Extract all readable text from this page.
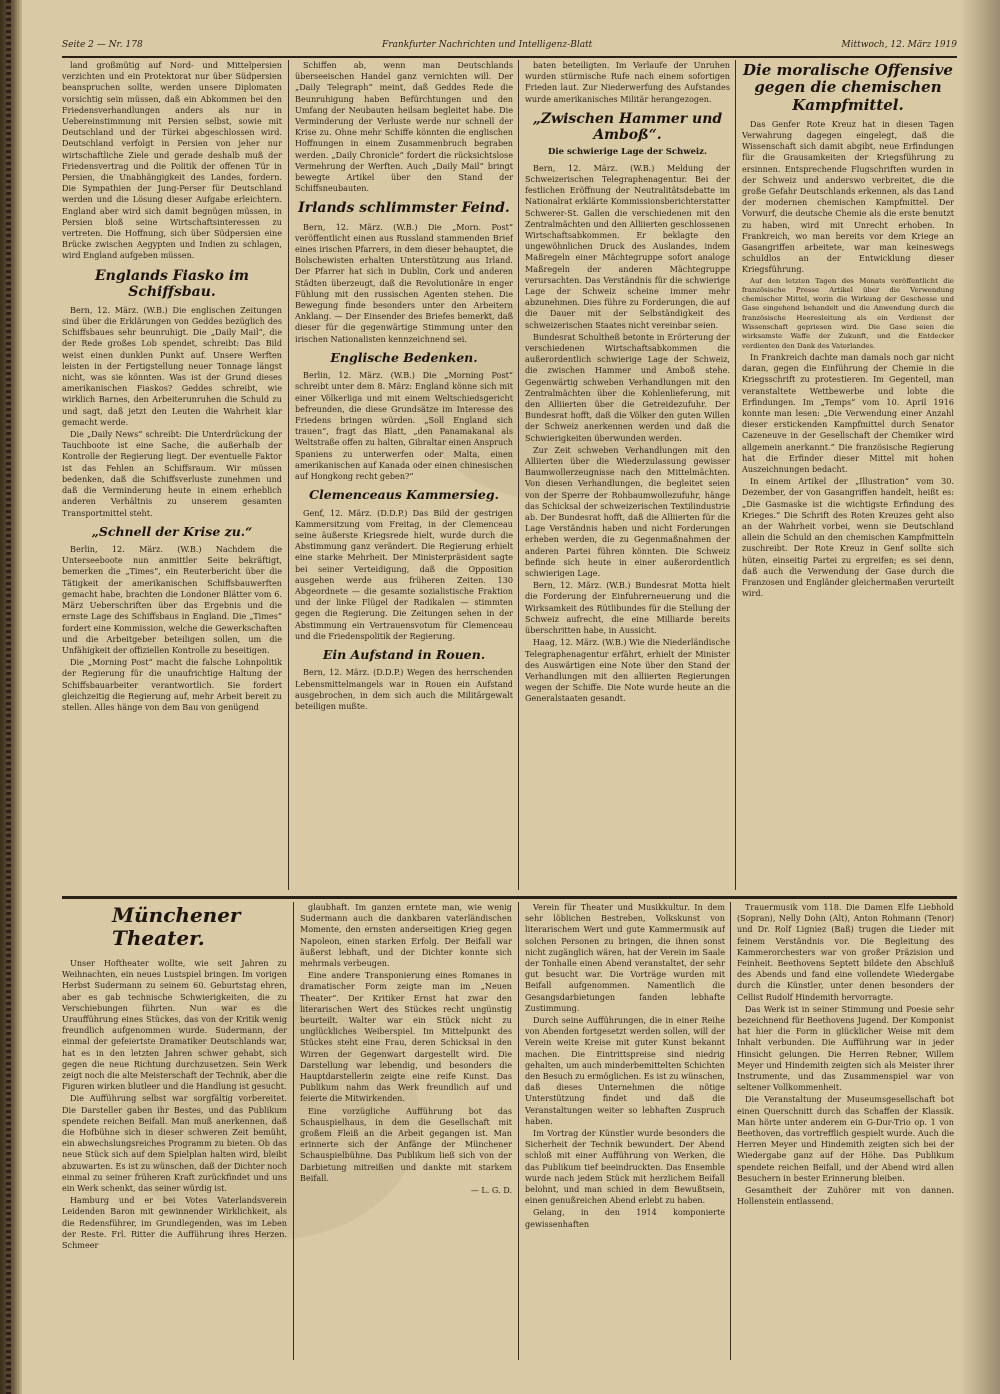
Seite 2 — Nr. 178	Frankfurter Nachrichten und Intelligenz-Blatt	Mittwoch, 12. März 1919

land großmütig auf Nord- und Mittelpersien verzichten und ein Protektorat nur über Südpersien beanspruchen sollte, werden unsere Diplomaten vorsichtig sein müssen, daß ein Abkommen bei den Friedensverhandlungen anders als nur in Uebereinstimmung mit Persien selbst, sowie mit Deutschland und der Türkei abgeschlossen wird. Deutschland verfolgt in Persien von jeher nur wirtschaftliche Ziele und gerade deshalb muß der Friedensvertrag und die Politik der offenen Tür in Persien, die Unabhängigkeit des Landes, fordern. Die Sympathien der Jung-Perser für Deutschland werden und die Lösung dieser Aufgabe erleichtern. England aber wird sich damit begnügen müssen, in Persien bloß seine Wirtschaftsinteressen zu vertreten. Die Hoffnung, sich über Südpersien eine Brücke zwischen Aegypten und Indien zu schlagen, wird England aufgeben müssen.

Englands Fiasko im Schiffsbau.

Bern, 12. März. (W.B.) Die englischen Zeitungen sind über die Erklärungen von Geddes bezüglich des Schiffsbaues sehr beunruhigt. Die „Daily Mail“, die der Rede großes Lob spendet, schreibt: Das Bild weist einen dunklen Punkt auf. Unsere Werften leisten in der Fertigstellung neuer Tonnage längst nicht, was sie könnten. Was ist der Grund dieses amerikanischen Fiaskos? Geddes schreibt, wie wirklich Barnes, den Arbeiterunruhen die Schuld zu und sagt, daß jetzt den Leuten die Wahrheit klar gemacht werde.

Die „Daily News“ schreibt: Die Unterdrückung der Tauchboote ist eine Sache, die außerhalb der Kontrolle der Regierung liegt. Der eventuelle Faktor ist das Fehlen an Schiffsraum. Wir müssen bedenken, daß die Schiffsverluste zunehmen und daß die Verminderung heute in einem erheblich anderen Verhältnis zu unserem gesamten Transportmittel steht.

„Schnell der Krise zu.“

Berlin, 12. März. (W.B.) Nachdem die Unterseeboote nun anmittler Seite bekräftigt, bemerken die „Times“, ein Reuterbericht über die Tätigkeit der amerikanischen Schiffsbauwerften gemacht habe, brachten die Londoner Blätter vom 6. März Ueberschriften über das Ergebnis und die ernste Lage des Schiffsbaus in England. Die „Times“ fordert eine Kommission, welche die Gewerkschaften und die Arbeitgeber beteiligen sollen, um die Unfähigkeit der offiziellen Kontrolle zu beseitigen.

Die „Morning Post“ macht die falsche Lohnpolitik der Regierung für die unaufrichtige Haltung der Schiffsbauarbeiter verantwortlich. Sie fordert gleichzeitig die Regierung auf, mehr Arbeit bereit zu stellen. Alles hänge von dem Bau von genügend

Schiffen ab, wenn man Deutschlands überseeischen Handel ganz vernichten will. Der „Daily Telegraph“ meint, daß Geddes Rede die Beunruhigung haben Befürchtungen und den Umfang der Neubauten heilsam begleitet habe. Die Verminderung der Verluste werde nur schnell der Krise zu. Ohne mehr Schiffe könnten die englischen Hoffnungen in einem Zusammenbruch begraben werden. „Daily Chronicle“ fordert die rücksichtslose Vermehrung der Werften. Auch „Daily Mail“ bringt bewegte Artikel über den Stand der Schiffsneubauten.

Irlands schlimmster Feind.

Bern, 12. März. (W.B.) Die „Morn. Post“ veröffentlicht einen aus Russland stammenden Brief eines irischen Pfarrers, in dem dieser behauptet, die Bolschewisten erhalten Unterstützung aus Irland. Der Pfarrer hat sich in Dublin, Cork und anderen Städten überzeugt, daß die Revolutionäre in enger Fühlung mit den russischen Agenten stehen. Die Bewegung finde besonders unter den Arbeitern Anklang. — Der Einsender des Briefes bemerkt, daß dieser für die gegenwärtige Stimmung unter den irischen Nationalisten kennzeichnend sei.

Englische Bedenken.

Berlin, 12. März. (W.B.) Die „Morning Post“ schreibt unter dem 8. März: England könne sich mit einer Völkerliga und mit einem Weltschiedsgericht befreunden, die diese Grundsätze im Interesse des Friedens bringen würden. „Soll England sich trauen“, fragt das Blatt, „den Panamakanal als Weltstraße offen zu halten, Gibraltar einen Anspruch Spaniens zu unterwerfen oder Malta, einen amerikanischen auf Kanada oder einen chinesischen auf Hongkong recht geben?“

Clemenceaus Kammersieg.

Genf, 12. März. (D.D.P.) Das Bild der gestrigen Kammersitzung vom Freitag, in der Clemenceau seine äußerste Kriegsrede hielt, wurde durch die Abstimmung ganz verändert. Die Regierung erhielt eine starke Mehrheit. Der Ministerpräsident sagte bei seiner Verteidigung, daß die Opposition ausgehen werde aus früheren Zeiten. 130 Abgeordnete — die gesamte sozialistische Fraktion und der linke Flügel der Radikalen — stimmten gegen die Regierung. Die Zeitungen sehen in der Abstimmung ein Vertrauensvotum für Clemenceau und die Friedenspolitik der Regierung.

Ein Aufstand in Rouen.

Bern, 12. März. (D.D.P.) Wegen des herrschenden Lebensmittelmangels war in Rouen ein Aufstand ausgebrochen, in dem sich auch die Militärgewalt beteiligen mußte.

baten beteiligten. Im Verlaufe der Unruhen wurden stürmische Rufe nach einem sofortigen Frieden laut. Zur Niederwerfung des Aufstandes wurde amerikanisches Militär herangezogen.

„Zwischen Hammer und Amboß“.
Die schwierige Lage der Schweiz.

Bern, 12. März. (W.B.) Meldung der Schweizerischen Telegraphenagentur. Bei der festlichen Eröffnung der Neutralitätsdebatte im Nationalrat erklärte Kommissionsberichterstatter Schwerer-St. Gallen die verschiedenen mit den Zentralmächten und den Alliierten geschlossenen Wirtschaftsabkommen. Er beklagte den ungewöhnlichen Druck des Auslandes, indem Maßregeln einer Mächtegruppe sofort analoge Maßregeln der anderen Mächtegruppe verursachten. Das Verständnis für die schwierige Lage der Schweiz scheine immer mehr abzunehmen. Dies führe zu Forderungen, die auf die Dauer mit der Selbständigkeit des schweizerischen Staates nicht vereinbar seien.

Bundesrat Schultheß betonte in Erörterung der verschiedenen Wirtschaftsabkommen die außerordentlich schwierige Lage der Schweiz, die zwischen Hammer und Amboß stehe. Gegenwärtig schweben Verhandlungen mit den Zentralmächten über die Kohlenlieferung, mit den Alliierten über die Getreidezufuhr. Der Bundesrat hofft, daß die Völker den guten Willen der Schweiz anerkennen werden und daß die Schwierigkeiten überwunden werden.

Zur Zeit schweben Verhandlungen mit den Alliierten über die Wiederzulassung gewisser Baumwollerzeugnisse nach den Mittelmächten. Von diesen Verhandlungen, die begleitet seien von der Sperre der Rohbaumwollezufuhr, hänge das Schicksal der schweizerischen Textilindustrie ab. Der Bundesrat hofft, daß die Alliierten für die Lage Verständnis haben und nicht Forderungen erheben werden, die zu Gegenmaßnahmen der anderen Partei führen könnten. Die Schweiz befinde sich heute in einer außerordentlich schwierigen Lage.

Bern, 12. März. (W.B.) Bundesrat Motta hielt die Forderung der Einfuhrerneuerung und die Wirksamkeit des Rütlibundes für die Stellung der Schweiz aufrecht, die eine Milliarde bereits überschritten habe, in Aussicht.

Haag, 12. März. (W.B.) Wie die Niederländische Telegraphenagentur erfährt, erhielt der Minister des Auswärtigen eine Note über den Stand der Verhandlungen mit den alliierten Regierungen wegen der Schiffe. Die Note wurde heute an die Generalstaaten gesandt.

Die moralische Offensive gegen die chemischen Kampfmittel.

Das Genfer Rote Kreuz hat in diesen Tagen Verwahrung dagegen eingelegt, daß die Wissenschaft sich damit abgibt, neue Erfindungen für die Grausamkeiten der Kriegsführung zu ersinnen. Entsprechende Flugschriften wurden in der Schweiz und anderswo verbreitet, die die große Gefahr Deutschlands erkennen, als das Land der modernen chemischen Kampfmittel. Der Vorwurf, die deutsche Chemie als die erste benutzt zu haben, wird mit Unrecht erhoben. In Frankreich, wo man bereits vor dem Kriege an Gasangriffen arbeitete, war man keineswegs schuldlos an der Entwicklung dieser Kriegsführung.

Auf den letzten Tagen des Monats veröffentlicht die französische Presse Artikel über die Verwendung chemischer Mittel, worin die Wirkung der Geschosse und Gase eingehend behandelt und die Anwendung durch die französische Heeresleitung als ein Verdienst der Wissenschaft gepriesen wird. Die Gase seien die wirksamste Waffe der Zukunft, und die Entdecker verdienten den Dank des Vaterlandes.

In Frankreich dachte man damals noch gar nicht daran, gegen die Einführung der Chemie in die Kriegsschrift zu protestieren. Im Gegenteil, man veranstaltete Wettbewerbe und lobte die Erfindungen. Im „Temps“ vom 10. April 1916 konnte man lesen: „Die Verwendung einer Anzahl dieser erstickenden Kampfmittel durch Senator Cazeneuve in der Gesellschaft der Chemiker wird allgemein anerkannt.“ Die französische Regierung hat die Erfinder dieser Mittel mit hohen Auszeichnungen bedacht.

In einem Artikel der „Illustration“ vom 30. Dezember, der von Gasangriffen handelt, heißt es: „Die Gasmaske ist die wichtigste Erfindung des Krieges.“ Die Schrift des Roten Kreuzes geht also an der Wahrheit vorbei, wenn sie Deutschland allein die Schuld an den chemischen Kampfmitteln zuschreibt. Der Rote Kreuz in Genf sollte sich hüten, einseitig Partei zu ergreifen; es sei denn, daß auch die Verwendung der Gase durch die Franzosen und Engländer gleichermaßen verurteilt wird.

Münchener Theater.

Unser Hoftheater wollte, wie seit Jahren zu Weihnachten, ein neues Lustspiel bringen. Im vorigen Herbst Sudermann zu seinem 60. Geburtstag ehren, aber es gab technische Schwierigkeiten, die zu Verschiebungen führten. Nun war es die Uraufführung eines Stückes, das von der Kritik wenig freundlich aufgenommen wurde. Sudermann, der einmal der gefeiertste Dramatiker Deutschlands war, hat es in den letzten Jahren schwer gehabt, sich gegen die neue Richtung durchzusetzen. Sein Werk zeigt noch die alte Meisterschaft der Technik, aber die Figuren wirken blutleer und die Handlung ist gesucht.

Die Aufführung selbst war sorgfältig vorbereitet. Die Darsteller gaben ihr Bestes, und das Publikum spendete reichen Beifall. Man muß anerkennen, daß die Hofbühne sich in dieser schweren Zeit bemüht, ein abwechslungsreiches Programm zu bieten. Ob das neue Stück sich auf dem Spielplan halten wird, bleibt abzuwarten. Es ist zu wünschen, daß der Dichter noch einmal zu seiner früheren Kraft zurückfindet und uns ein Werk schenkt, das seiner würdig ist.

Hamburg und er bei Votes Vaterlandsverein Leidenden Baron mit gewinnender Wirklichkeit, als die Redensführer, im Grundlegenden, was im Leben der Reste. Frl. Ritter die Aufführung ihres Herzen. Schmeer

glaubhaft. Im ganzen erntete man, wie wenig Sudermann auch die dankbaren vaterländischen Momente, den ernsten anderseitigen Krieg gegen Napoleon, einen starken Erfolg. Der Beifall war äußerst lebhaft, und der Dichter konnte sich mehrmals verbeugen.

Eine andere Transponierung eines Romanes in dramatischer Form zeigte man im „Neuen Theater“. Der Kritiker Ernst hat zwar den literarischen Wert des Stückes recht ungünstig beurteilt. Walter war ein Stück nicht zu unglückliches Weiberspiel. Im Mittelpunkt des Stückes steht eine Frau, deren Schicksal in den Wirren der Gegenwart dargestellt wird. Die Darstellung war lebendig, und besonders die Hauptdarstellerin zeigte eine reife Kunst. Das Publikum nahm das Werk freundlich auf und feierte die Mitwirkenden.

Eine vorzügliche Aufführung bot das Schauspielhaus, in dem die Gesellschaft mit großem Fleiß an die Arbeit gegangen ist. Man erinnerte sich der Anfänge der Münchener Schauspielbühne. Das Publikum ließ sich von der Darbietung mitreißen und dankte mit starkem Beifall.

— L. G. D.

Verein für Theater und Musikkultur. In dem sehr löblichen Bestreben, Volkskunst von literarischem Wert und gute Kammermusik auf solchen Personen zu bringen, die ihnen sonst nicht zugänglich wären, hat der Verein im Saale der Tonhalle einen Abend veranstaltet, der sehr gut besucht war. Die Vorträge wurden mit Beifall aufgenommen. Namentlich die Gesangsdarbietungen fanden lebhafte Zustimmung.

Durch seine Aufführungen, die in einer Reihe von Abenden fortgesetzt werden sollen, will der Verein weite Kreise mit guter Kunst bekannt machen. Die Eintrittspreise sind niedrig gehalten, um auch minderbemittelten Schichten den Besuch zu ermöglichen. Es ist zu wünschen, daß dieses Unternehmen die nötige Unterstützung findet und daß die Veranstaltungen weiter so lebhaften Zuspruch haben.

Im Vortrag der Künstler wurde besonders die Sicherheit der Technik bewundert. Der Abend schloß mit einer Aufführung von Werken, die das Publikum tief beeindruckten. Das Ensemble wurde nach jedem Stück mit herzlichem Beifall belohnt, und man schied in dem Bewußtsein, einen genußreichen Abend erlebt zu haben.

Gelang, in den 1914 komponierte gewissenhaften

Trauermusik vom 118. Die Damen Elfe Liebhold (Sopran), Nelly Dohn (Alt), Anton Rohmann (Tenor) und Dr. Rolf Ligniez (Baß) trugen die Lieder mit feinem Verständnis vor. Die Begleitung des Kammerorchesters war von großer Präzision und Feinheit. Beethovens Septett bildete den Abschluß des Abends und fand eine vollendete Wiedergabe durch die Künstler, unter denen besonders der Cellist Rudolf Hindemith hervorragte.

Das Werk ist in seiner Stimmung und Poesie sehr bezeichnend für Beethovens Jugend. Der Komponist hat hier die Form in glücklicher Weise mit dem Inhalt verbunden. Die Aufführung war in jeder Hinsicht gelungen. Die Herren Rebner, Willem Meyer und Hindemith zeigten sich als Meister ihrer Instrumente, und das Zusammenspiel war von seltener Vollkommenheit.

Die Veranstaltung der Museumsgesellschaft bot einen Querschnitt durch das Schaffen der Klassik. Man hörte unter anderem ein G-Dur-Trio op. 1 von Beethoven, das vortrefflich gespielt wurde. Auch die Herren Meyer und Hindemith zeigten sich bei der Wiedergabe ganz auf der Höhe. Das Publikum spendete reichen Beifall, und der Abend wird allen Besuchern in bester Erinnerung bleiben.

Gesamtheit der Zuhörer mit von dannen. Hollenstein entlassend.
